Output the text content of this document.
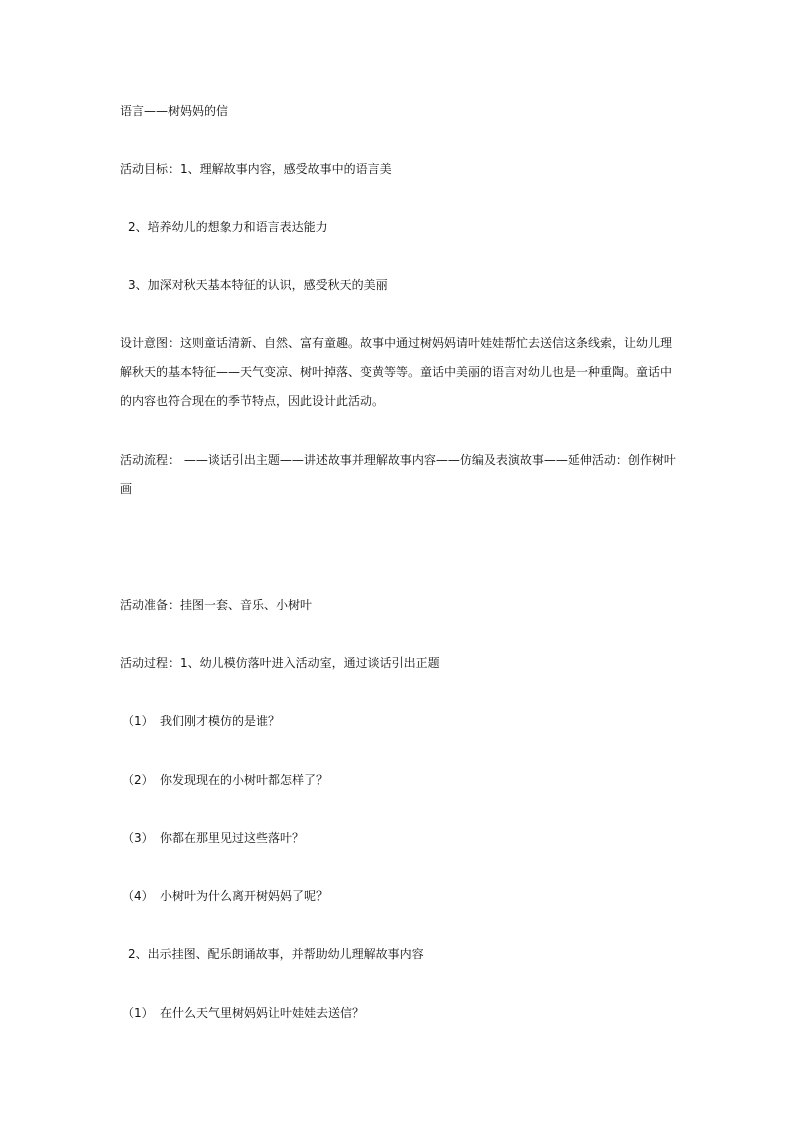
语言——树妈妈的信
活动目标：1、理解故事内容，感受故事中的语言美
2、培养幼儿的想象力和语言表达能力
3、加深对秋天基本特征的认识，感受秋天的美丽
设计意图：这则童话清新、自然、富有童趣。故事中通过树妈妈请叶娃娃帮忙去送信这条线索，让幼儿理
解秋天的基本特征——天气变凉、树叶掉落、变黄等等。童话中美丽的语言对幼儿也是一种重陶。童话中
的内容也符合现在的季节特点，因此设计此活动。
活动流程： ——谈话引出主题——讲述故事并理解故事内容——仿编及表演故事——延伸活动：创作树叶
画
活动准备：挂图一套、音乐、小树叶
活动过程：1、幼儿模仿落叶进入活动室，通过谈话引出正题
（1） 我们刚才模仿的是谁？
（2） 你发现现在的小树叶都怎样了？
（3） 你都在那里见过这些落叶？
（4） 小树叶为什么离开树妈妈了呢？
2、出示挂图、配乐朗诵故事，并帮助幼儿理解故事内容
（1） 在什么天气里树妈妈让叶娃娃去送信？
